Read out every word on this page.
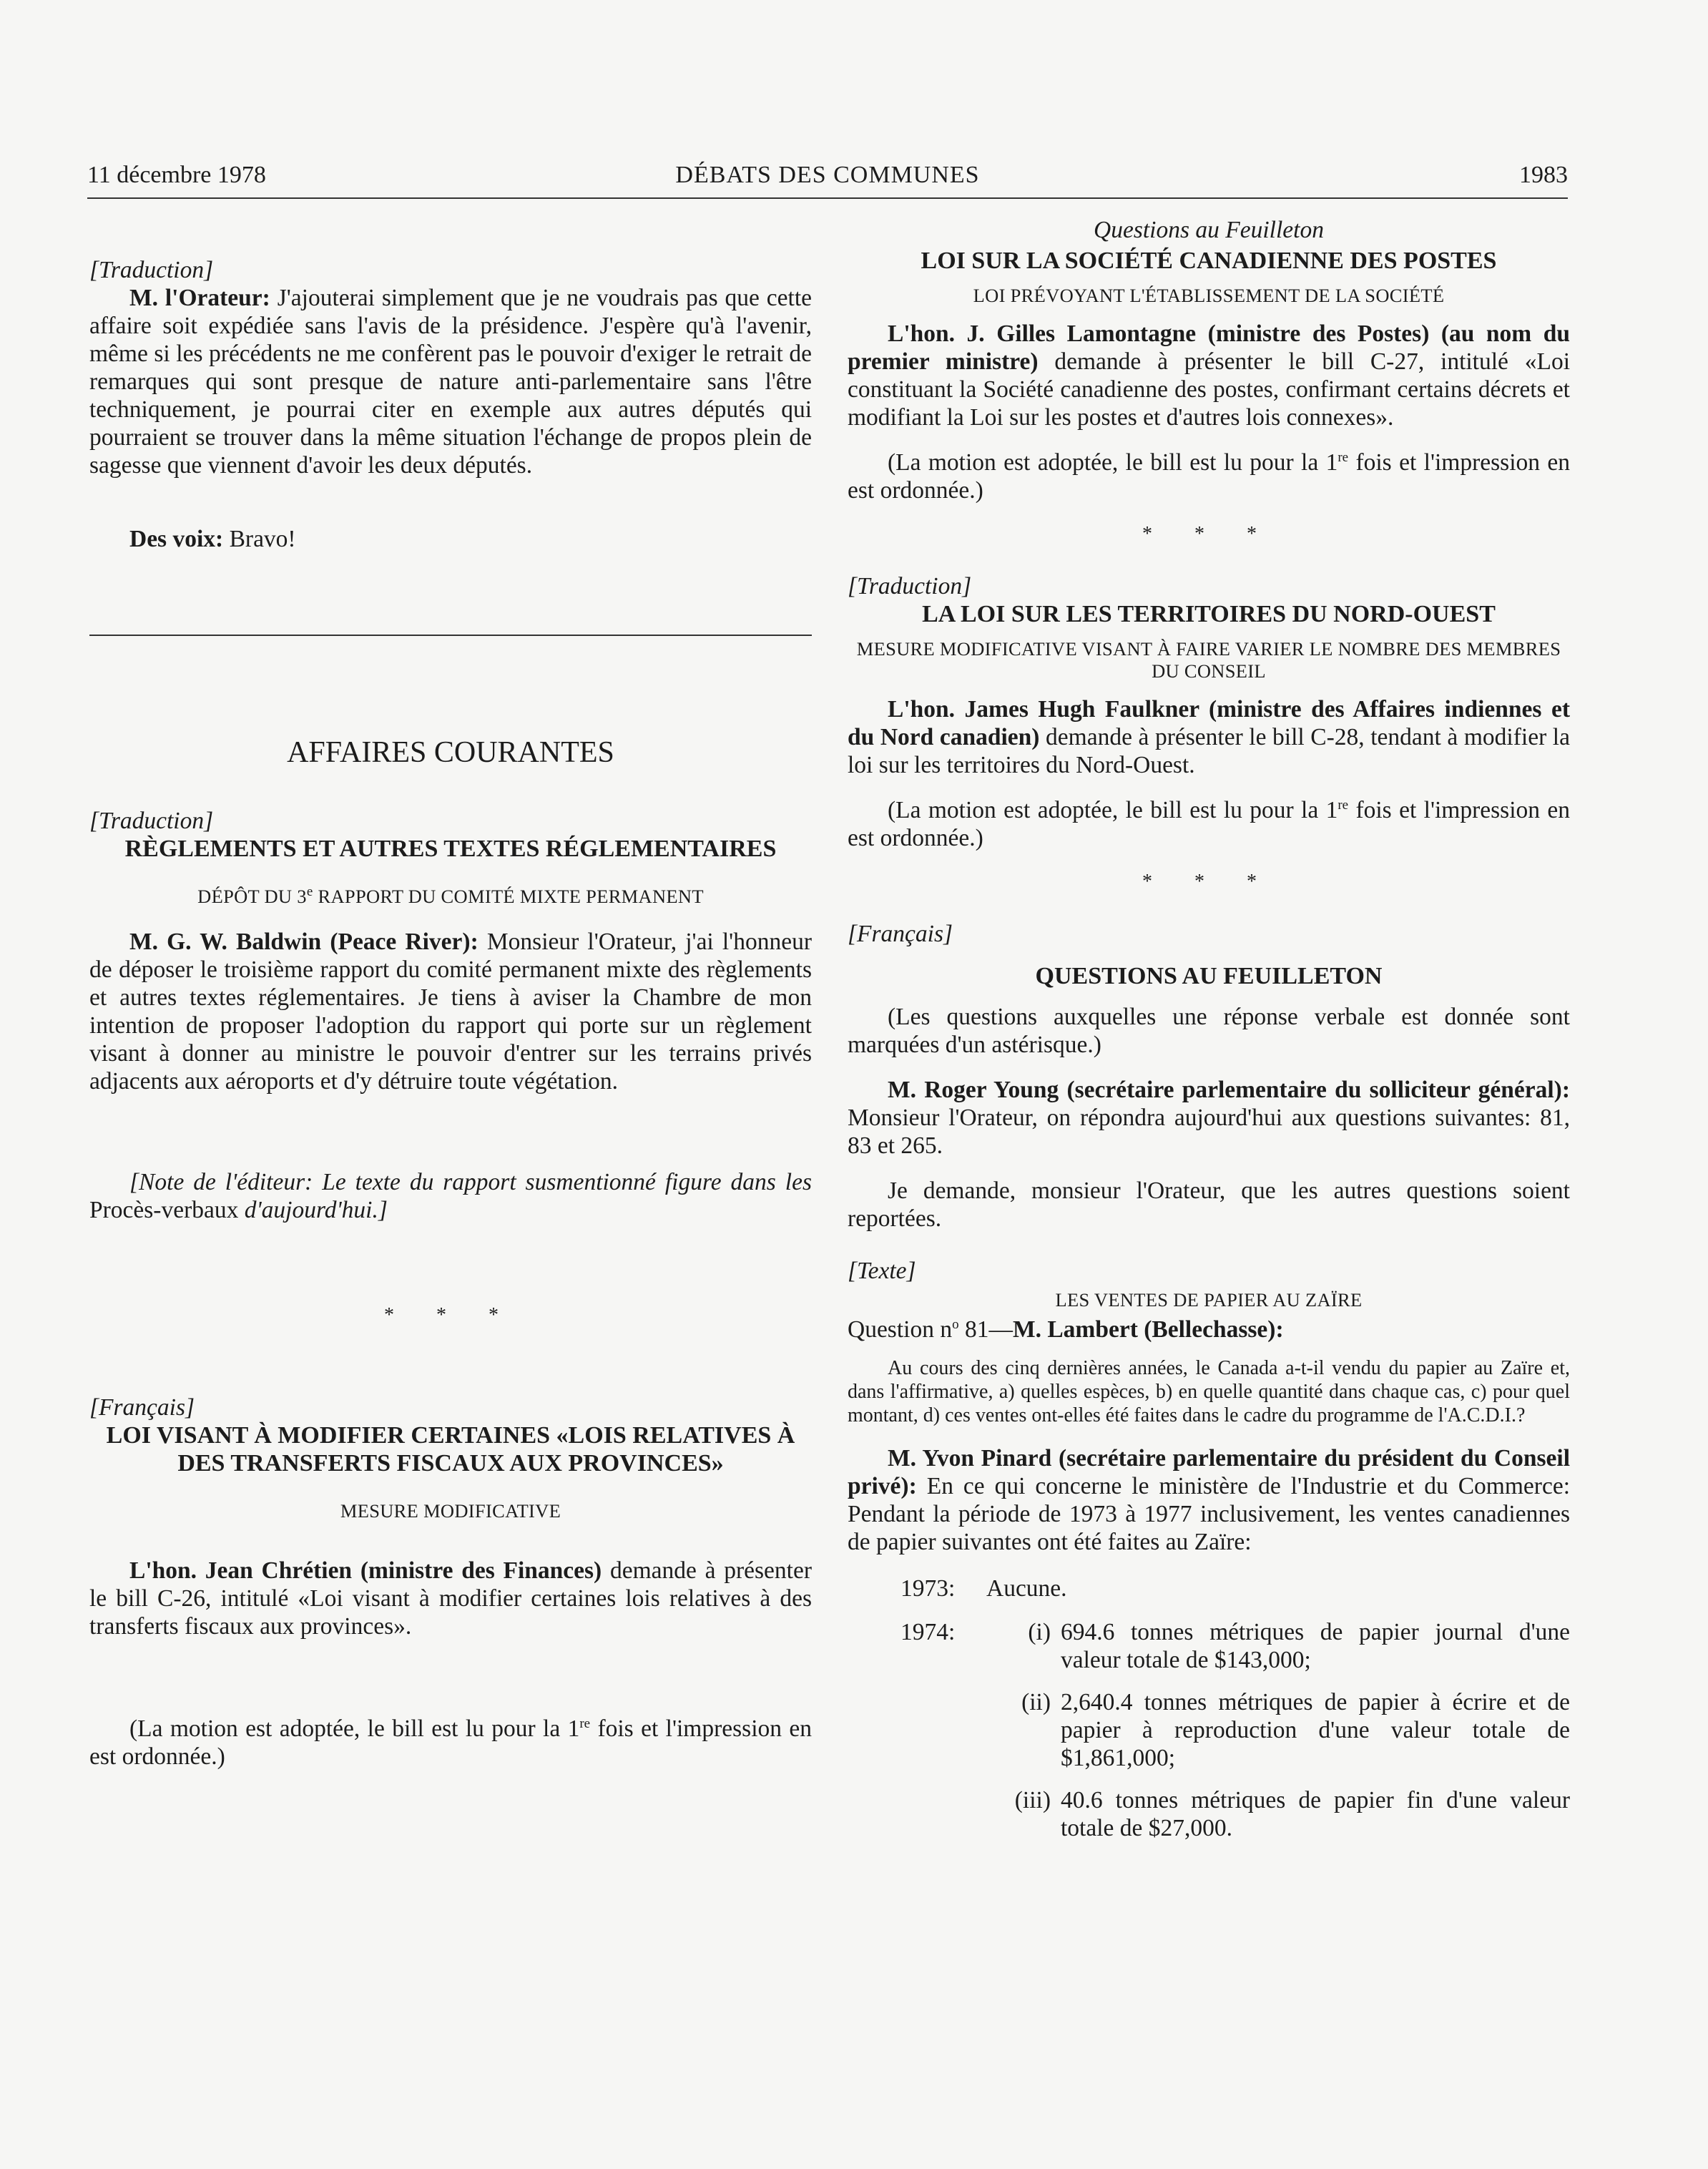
11 décembre 1978	DÉBATS DES COMMUNES	1983

[Traduction]

M. l'Orateur: J'ajouterai simplement que je ne voudrais pas que cette affaire soit expédiée sans l'avis de la présidence. J'espère qu'à l'avenir, même si les précédents ne me confèrent pas le pouvoir d'exiger le retrait de remarques qui sont presque de nature anti-parlementaire sans l'être techniquement, je pourrai citer en exemple aux autres députés qui pourraient se trouver dans la même situation l'échange de propos plein de sagesse que viennent d'avoir les deux députés.

Des voix: Bravo!

AFFAIRES COURANTES

[Traduction]

RÈGLEMENTS ET AUTRES TEXTES RÉGLEMENTAIRES

DÉPÔT DU 3e RAPPORT DU COMITÉ MIXTE PERMANENT

M. G. W. Baldwin (Peace River): Monsieur l'Orateur, j'ai l'honneur de déposer le troisième rapport du comité permanent mixte des règlements et autres textes réglementaires. Je tiens à aviser la Chambre de mon intention de proposer l'adoption du rapport qui porte sur un règlement visant à donner au ministre le pouvoir d'entrer sur les terrains privés adjacents aux aéroports et d'y détruire toute végétation.

[Note de l'éditeur: Le texte du rapport susmentionné figure dans les Procès-verbaux d'aujourd'hui.]

* * *

[Français]

LOI VISANT À MODIFIER CERTAINES «LOIS RELATIVES À DES TRANSFERTS FISCAUX AUX PROVINCES»

MESURE MODIFICATIVE

L'hon. Jean Chrétien (ministre des Finances) demande à présenter le bill C-26, intitulé «Loi visant à modifier certaines lois relatives à des transferts fiscaux aux provinces».

(La motion est adoptée, le bill est lu pour la 1re fois et l'impression en est ordonnée.)

Questions au Feuilleton

LOI SUR LA SOCIÉTÉ CANADIENNE DES POSTES

LOI PRÉVOYANT L'ÉTABLISSEMENT DE LA SOCIÉTÉ

L'hon. J. Gilles Lamontagne (ministre des Postes) (au nom du premier ministre) demande à présenter le bill C-27, intitulé «Loi constituant la Société canadienne des postes, confirmant certains décrets et modifiant la Loi sur les postes et d'autres lois connexes».

(La motion est adoptée, le bill est lu pour la 1re fois et l'impression en est ordonnée.)

* * *

[Traduction]

LA LOI SUR LES TERRITOIRES DU NORD-OUEST

MESURE MODIFICATIVE VISANT À FAIRE VARIER LE NOMBRE DES MEMBRES DU CONSEIL

L'hon. James Hugh Faulkner (ministre des Affaires indiennes et du Nord canadien) demande à présenter le bill C-28, tendant à modifier la loi sur les territoires du Nord-Ouest.

(La motion est adoptée, le bill est lu pour la 1re fois et l'impression en est ordonnée.)

* * *

[Français]

QUESTIONS AU FEUILLETON

(Les questions auxquelles une réponse verbale est donnée sont marquées d'un astérisque.)

M. Roger Young (secrétaire parlementaire du solliciteur général): Monsieur l'Orateur, on répondra aujourd'hui aux questions suivantes: 81, 83 et 265.

Je demande, monsieur l'Orateur, que les autres questions soient reportées.

[Texte]

LES VENTES DE PAPIER AU ZAÏRE

Question $n^o$ 81—M. Lambert (Bellechasse):

Au cours des cinq dernières années, le Canada a-t-il vendu du papier au Zaïre et, dans l'affirmative, a) quelles espèces, b) en quelle quantité dans chaque cas, c) pour quel montant, d) ces ventes ont-elles été faites dans le cadre du programme de l'A.C.D.I.?

M. Yvon Pinard (secrétaire parlementaire du président du Conseil privé): En ce qui concerne le ministère de l'Industrie et du Commerce: Pendant la période de 1973 à 1977 inclusivement, les ventes canadiennes de papier suivantes ont été faites au Zaïre:

1973:	Aucune.
1974:	(i) 694.6 tonnes métriques de papier journal d'une valeur totale de $143,000;
(ii) 2,640.4 tonnes métriques de papier à écrire et de papier à reproduction d'une valeur totale de $1,861,000;
(iii) 40.6 tonnes métriques de papier fin d'une valeur totale de $27,000.
